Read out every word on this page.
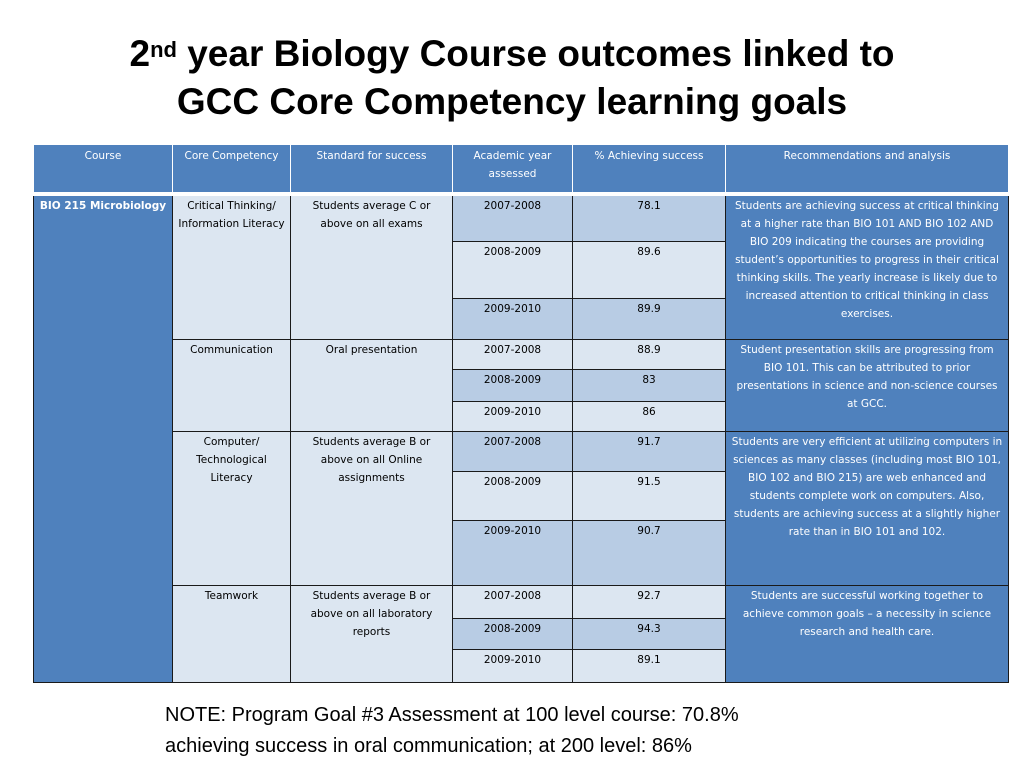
2nd year Biology Course outcomes linked to
GCC Core Competency learning goals
Course	Core Competency	Standard for success	Academic year assessed	% Achieving success	Recommendations and analysis
BIO 215 Microbiology	Critical Thinking/ Information Literacy	Students average C or above on all exams	2007-2008	78.1	Students are achieving success at critical thinking at a higher rate than BIO 101 AND BIO 102 AND BIO 209 indicating the courses are providing student’s opportunities to progress in their critical thinking skills. The yearly increase is likely due to increased attention to critical thinking in class exercises.
			2008-2009	89.6	
			2009-2010	89.9	
	Communication	Oral presentation	2007-2008	88.9	Student presentation skills are progressing from BIO 101. This can be attributed to prior presentations in science and non-science courses at GCC.
			2008-2009	83	
			2009-2010	86	
	Computer/ Technological Literacy	Students average B or above on all Online assignments	2007-2008	91.7	Students are very efficient at utilizing computers in sciences as many classes (including most BIO 101, BIO 102 and BIO 215) are web enhanced and students complete work on computers. Also, students are achieving success at a slightly higher rate than in BIO 101 and 102.
			2008-2009	91.5	
			2009-2010	90.7	
	Teamwork	Students average B or above on all laboratory reports	2007-2008	92.7	Students are successful working together to achieve common goals – a necessity in science research and health care.
			2008-2009	94.3	
			2009-2010	89.1	
NOTE: Program Goal #3 Assessment at 100 level course: 70.8%
achieving success in oral communication; at 200 level: 86%
